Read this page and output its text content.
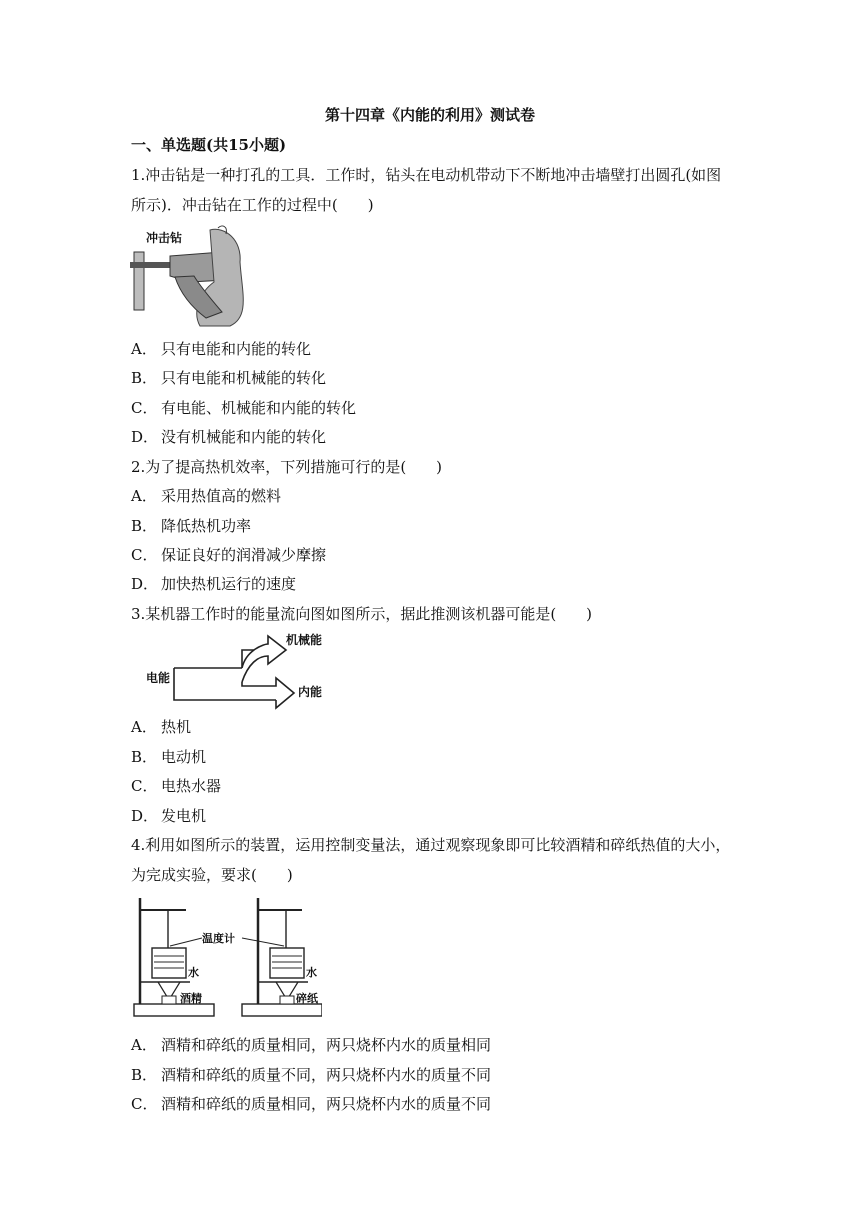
第十四章《内能的利用》测试卷
一、单选题(共15小题)
1.冲击钻是一种打孔的工具．工作时，钻头在电动机带动下不断地冲击墙壁打出圆孔(如图
所示)．冲击钻在工作的过程中(　　)
冲击钻
A． 只有电能和内能的转化
B． 只有电能和机械能的转化
C． 有电能、机械能和内能的转化
D． 没有机械能和内能的转化
2.为了提高热机效率，下列措施可行的是(　　)
A． 采用热值高的燃料
B． 降低热机功率
C． 保证良好的润滑减少摩擦
D． 加快热机运行的速度
3.某机器工作时的能量流向图如图所示，据此推测该机器可能是(　　)
电能
机械能
内能
A． 热机
B． 电动机
C． 电热水器
D． 发电机
4.利用如图所示的装置，运用控制变量法，通过观察现象即可比较酒精和碎纸热值的大小，
为完成实验，要求(　　)
温度计
水	水
酒精	碎纸
A． 酒精和碎纸的质量相同，两只烧杯内水的质量相同
B． 酒精和碎纸的质量不同，两只烧杯内水的质量不同
C． 酒精和碎纸的质量相同，两只烧杯内水的质量不同
